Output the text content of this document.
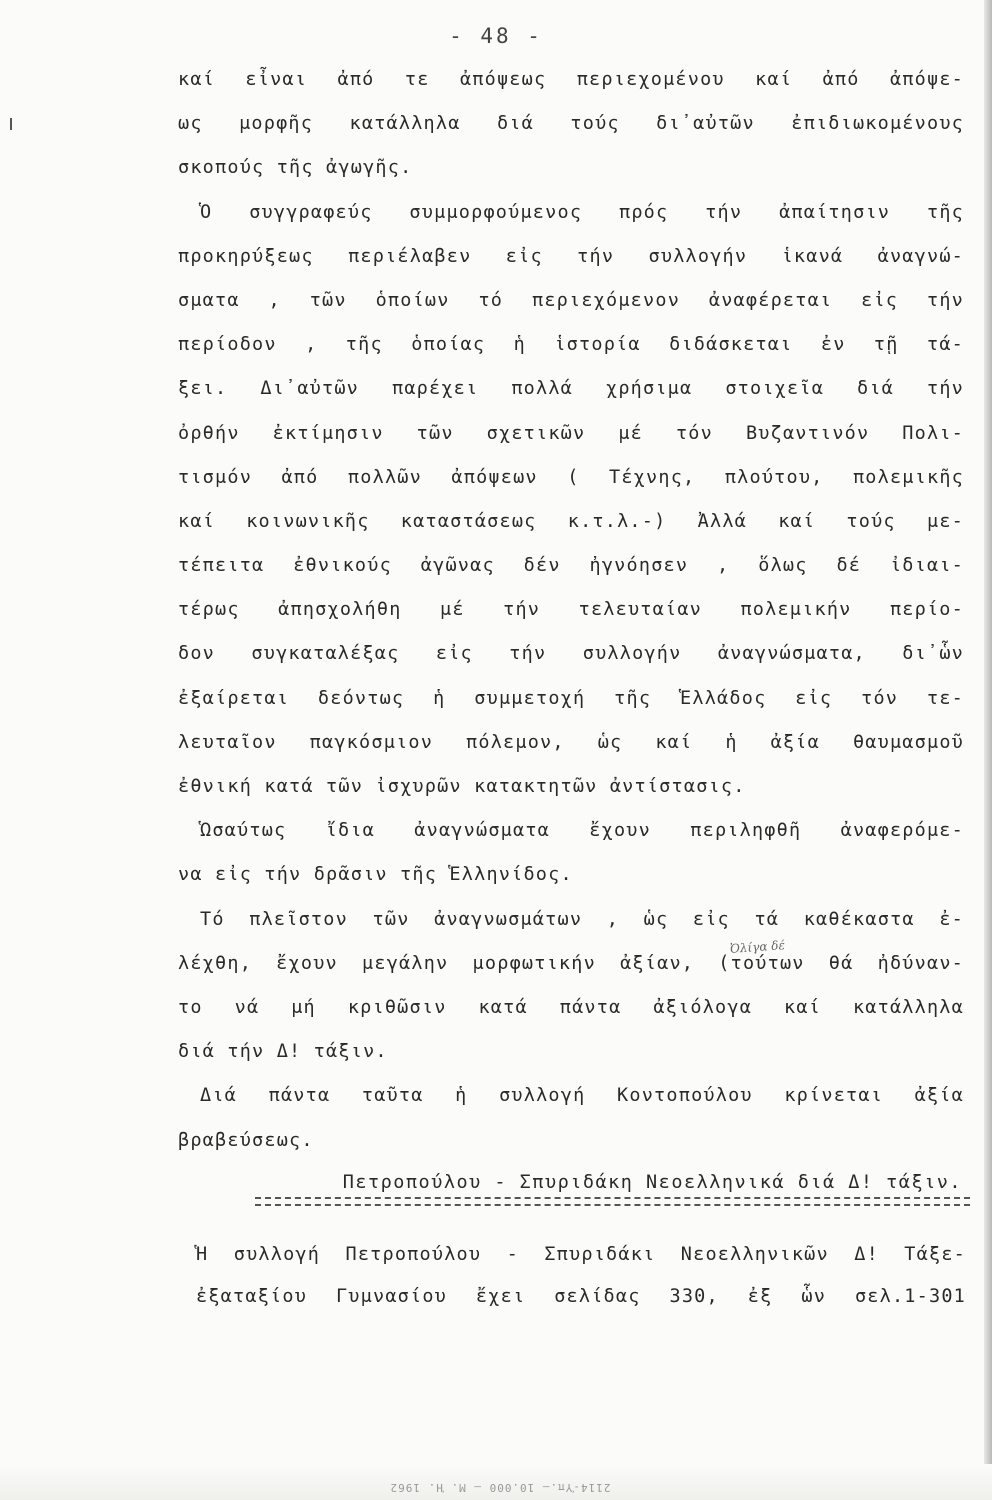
- 48 -
καί εἶναι ἀπό τε ἀπόψεως περιεχομένου καί ἀπό ἀπόψε-
ως μορφῆς κατάλληλα διά τούς δι᾽αὐτῶν ἐπιδιωκομένους
σκοπούς τῆς ἀγωγῆς.
Ὁ συγγραφεύς συμμορφούμενος πρός τήν ἀπαίτησιν τῆς
προκηρύξεως περιέλαβεν εἰς τήν συλλογήν ἱκανά ἀναγνώ-
σματα , τῶν ὁποίων τό περιεχόμενον ἀναφέρεται εἰς τήν
περίοδον , τῆς ὁποίας ἡ ἱστορία διδάσκεται ἐν τῇ τά-
ξει. Δι᾽αὐτῶν παρέχει πολλά χρήσιμα στοιχεῖα διά τήν
ὀρθήν ἐκτίμησιν τῶν σχετικῶν μέ τόν Βυζαντινόν Πολι-
τισμόν ἀπό πολλῶν ἀπόψεων ( Τέχνης, πλούτου, πολεμικῆς
καί κοινωνικῆς καταστάσεως κ.τ.λ.-) Ἀλλά καί τούς με-
τέπειτα ἐθνικούς ἀγῶνας δέν ἠγνόησεν , ὅλως δέ ἰδιαι-
τέρως ἀπησχολήθη μέ τήν τελευταίαν πολεμικήν περίο-
δον συγκαταλέξας εἰς τήν συλλογήν ἀναγνώσματα, δι᾽ὧν
ἐξαίρεται δεόντως ἡ συμμετοχή τῆς Ἑλλάδος εἰς τόν τε-
λευταῖον παγκόσμιον πόλεμον, ὡς καί ἡ ἀξία θαυμασμοῦ
ἐθνική κατά τῶν ἰσχυρῶν κατακτητῶν ἀντίστασις.
Ὡσαύτως ἴδια ἀναγνώσματα ἔχουν περιληφθῆ ἀναφερόμε-
να εἰς τήν δρᾶσιν τῆς Ἑλληνίδος.
Τό πλεῖστον τῶν ἀναγνωσμάτων , ὡς εἰς τά καθέκαστα ἐ-
λέχθη, ἔχουν μεγάλην μορφωτικήν ἀξίαν, (τούτων θά ἠδύναν-
το νά μή κριθῶσιν κατά πάντα ἀξιόλογα καί κατάλληλα
διά τήν Δ! τάξιν.
Διά πάντα ταῦτα ἡ συλλογή Κοντοπούλου κρίνεται ἀξία
βραβεύσεως.
Ὀλίγα δέ
Πετροπούλου - Σπυριδάκη Νεοελληνικά διά Δ! τάξιν.
Ἡ συλλογή Πετροπούλου - Σπυριδάκι Νεοελληνικῶν Δ! Τάξε-
ἐξαταξίου Γυμνασίου ἔχει σελίδας 330, ἐξ ὧν σελ.1-301
2114-Ὑπ.— 10.000 — Μ. Ἡ. 1962
